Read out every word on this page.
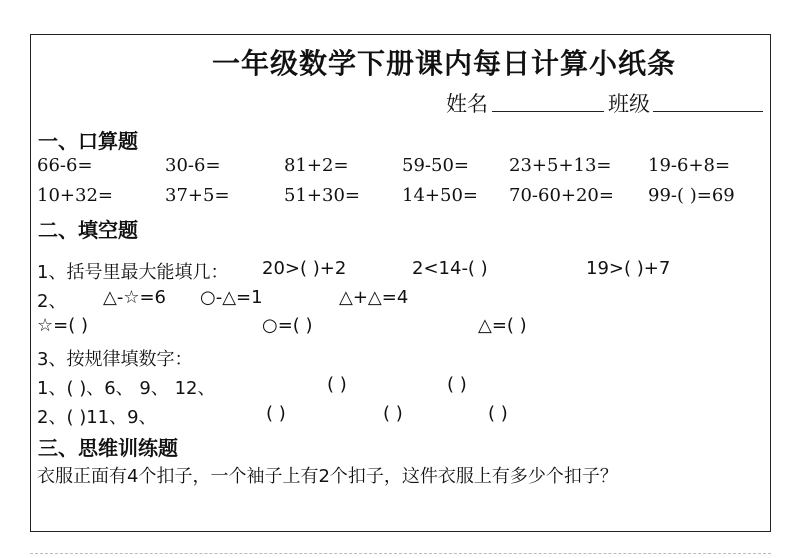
一年级数学下册课内每日计算小纸条
姓名	班级
一、口算题
66-6=	30-6=	81+2=	59-50= 23+5+13= 19-6+8=
10+32=	37+5=	51+30= 14+50= 70-60+20= 99-( )=69
二、填空题
1、括号里最大能填几： 20>( )+2	2<14-( )	19>( )+7
2、 △-☆=6 ○-△=1	△+△=4
☆=( )	○=( )	△=( )
3、按规律填数字：
1、( )、6、 9、 12、	( )	( )
2、( )11、9、	( )	( )	( )
三、思维训练题
衣服正面有4个扣子，一个袖子上有2个扣子，这件衣服上有多少个扣子？
